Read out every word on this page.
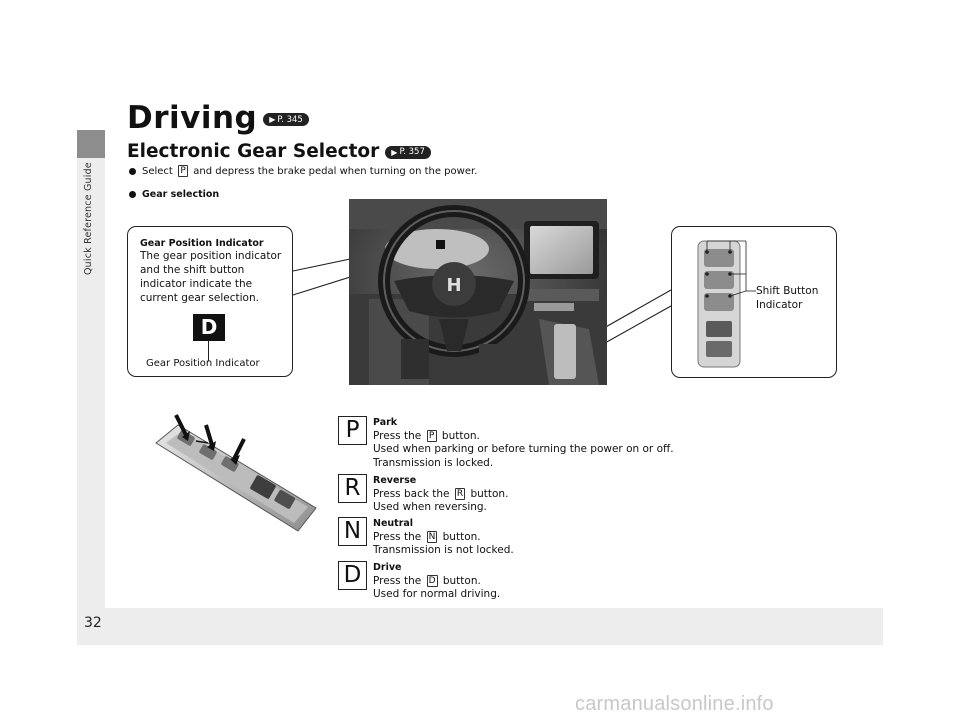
Quick Reference Guide
32
Driving ▶ P. 345
Electronic Gear Selector ▶ P. 357
Select P and depress the brake pedal when turning on the power.
Gear selection
Gear Position Indicator
The gear position indicator and the shift button indicator indicate the current gear selection.
D
Gear Position Indicator
H	Shift Button
Indicator
P	Park
Press the P button.
Used when parking or before turning the power on or off.
Transmission is locked.
R	Reverse
Press back the R button.
Used when reversing.
N	Neutral
Press the N button.
Transmission is not locked.
D	Drive
Press the D button.
Used for normal driving.
carmanualsonline.info
